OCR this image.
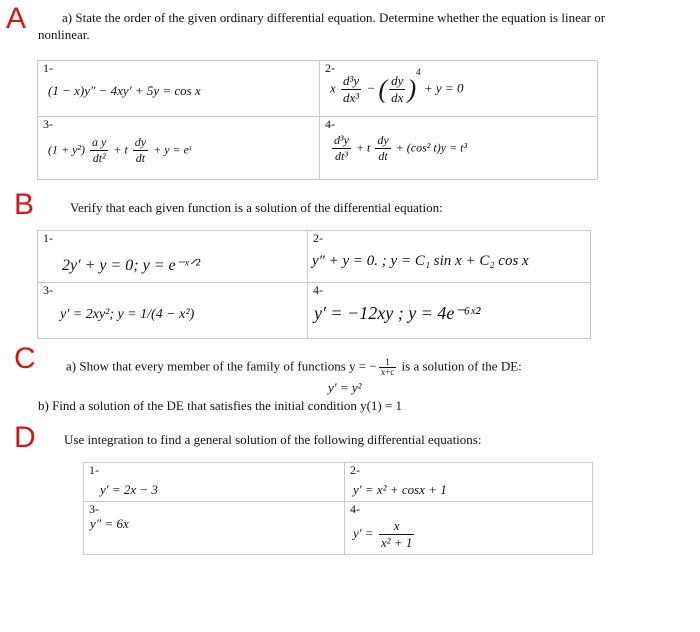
A	a) State the order of the given ordinary differential equation. Determine whether the equation is linear or
nonlinear.
1-
(1 − x)y″ − 4xy′ + 5y = cos x
2-
x $\frac{\text{d³y}}{\text{dx³}}$ − ( $\frac{dy}{dx} )^4 + y = 0$
3-
$(1 + y^2) \frac{\text{a y}}{\text{dt²}} + t \frac{dy}{dt} + y$ = eᵗ
4-
$\frac{\text{d³y}}{\text{dt³}} + t \frac{dy}{dt} + (\cos^2$ t)y = t³
B	Verify that each given function is a solution of the differential equation:
1-
2y′ + y = 0; y = e⁻ˣᐟ²
2-
y″ + y = 0. ; y = C₁ sin x + C₂ cos x
3-
y′ = 2xy²; y = 1/(4 − x²)
4-
y′ = −12xy ; y = 4e⁻⁶ˣ²
C a) Show that every member of the family of functions y = − $\frac{1}{x+c}$ is a solution of the DE:
y′ = y²
b) Find a solution of the DE that satisfies the initial condition y(1) = 1
D Use integration to find a general solution of the following differential equations:
1-
y′ = 2x − 3
2-
y′ = x² + cosx + 1
3-
y″ = 6x
4-
$y' = \frac{x}{\text{x² + 1}}$
